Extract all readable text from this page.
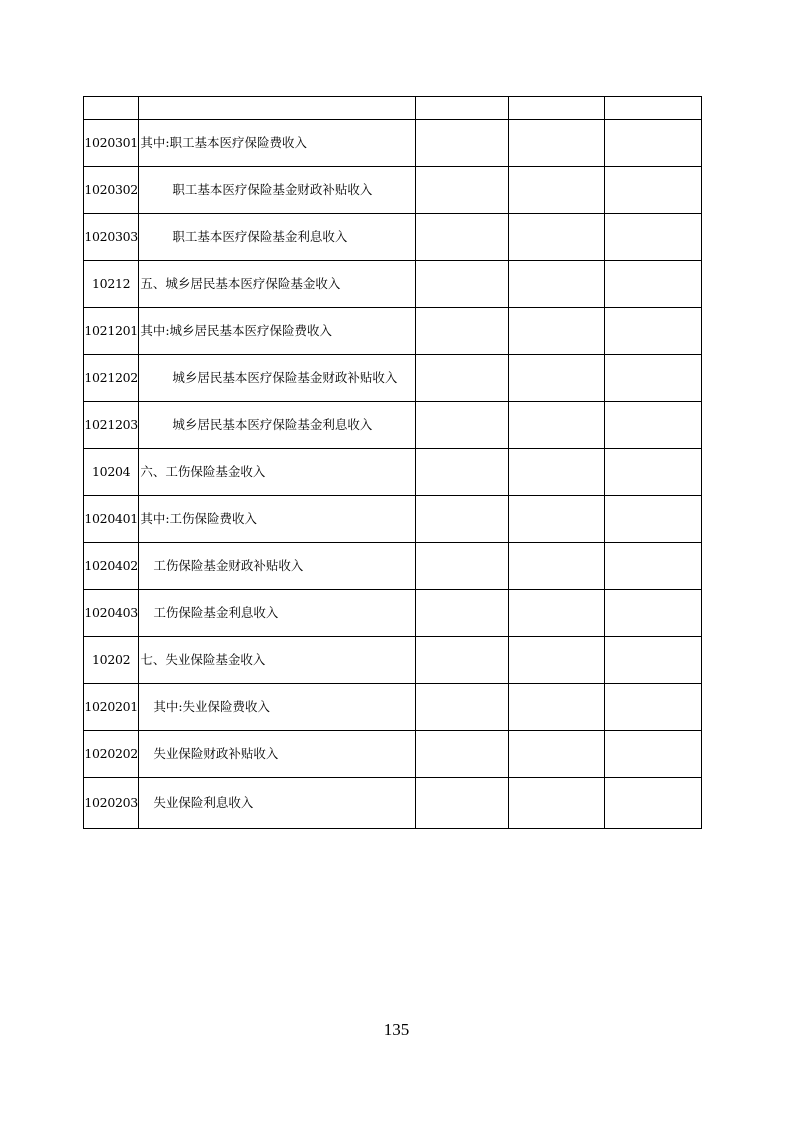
1020301	其中:职工基本医疗保险费收入			
1020302	职工基本医疗保险基金财政补贴收入			
1020303	职工基本医疗保险基金利息收入			
10212	五、城乡居民基本医疗保险基金收入			
1021201	其中:城乡居民基本医疗保险费收入			
1021202	城乡居民基本医疗保险基金财政补贴收入			
1021203	城乡居民基本医疗保险基金利息收入			
10204	六、工伤保险基金收入			
1020401	其中:工伤保险费收入			
1020402	工伤保险基金财政补贴收入			
1020403	工伤保险基金利息收入			
10202	七、失业保险基金收入			
1020201	其中:失业保险费收入			
1020202	失业保险财政补贴收入			
1020203	失业保险利息收入			
135
